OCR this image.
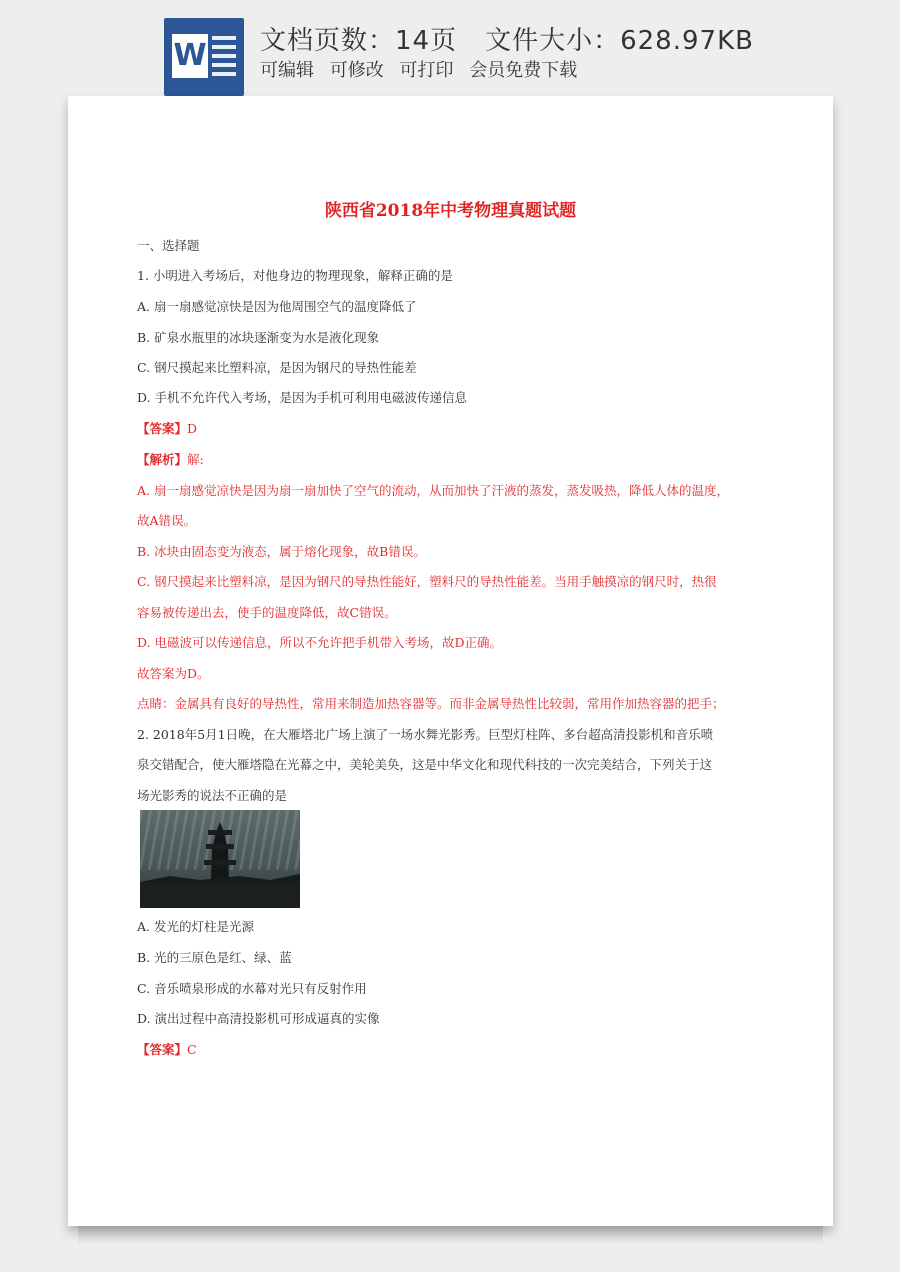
W 文档页数：14页 文件大小：628.97KB
可编辑 可修改 可打印 会员免费下载
陕西省2018年中考物理真题试题
一、选择题
1. 小明进入考场后，对他身边的物理现象，解释正确的是
A. 扇一扇感觉凉快是因为他周围空气的温度降低了
B. 矿泉水瓶里的冰块逐渐变为水是液化现象
C. 钢尺摸起来比塑料凉，是因为钢尺的导热性能差
D. 手机不允许代入考场，是因为手机可利用电磁波传递信息
【答案】D
【解析】解:
A. 扇一扇感觉凉快是因为扇一扇加快了空气的流动，从而加快了汗液的蒸发，蒸发吸热，降低人体的温度，
故A错误。
B. 冰块由固态变为液态，属于熔化现象，故B错误。
C. 钢尺摸起来比塑料凉，是因为钢尺的导热性能好，塑料尺的导热性能差。当用手触摸凉的钢尺时，热很
容易被传递出去，使手的温度降低，故C错误。
D. 电磁波可以传递信息，所以不允许把手机带入考场，故D正确。
故答案为D。
点睛：金属具有良好的导热性，常用来制造加热容器等。而非金属导热性比较弱，常用作加热容器的把手；
2. 2018年5月1日晚，在大雁塔北广场上演了一场水舞光影秀。巨型灯柱阵、多台超高清投影机和音乐喷
泉交错配合，使大雁塔隐在光幕之中，美轮美奂，这是中华文化和现代科技的一次完美结合，下列关于这
场光影秀的说法不正确的是
A. 发光的灯柱是光源
B. 光的三原色是红、绿、蓝
C. 音乐喷泉形成的水幕对光只有反射作用
D. 演出过程中高清投影机可形成逼真的实像
【答案】C
